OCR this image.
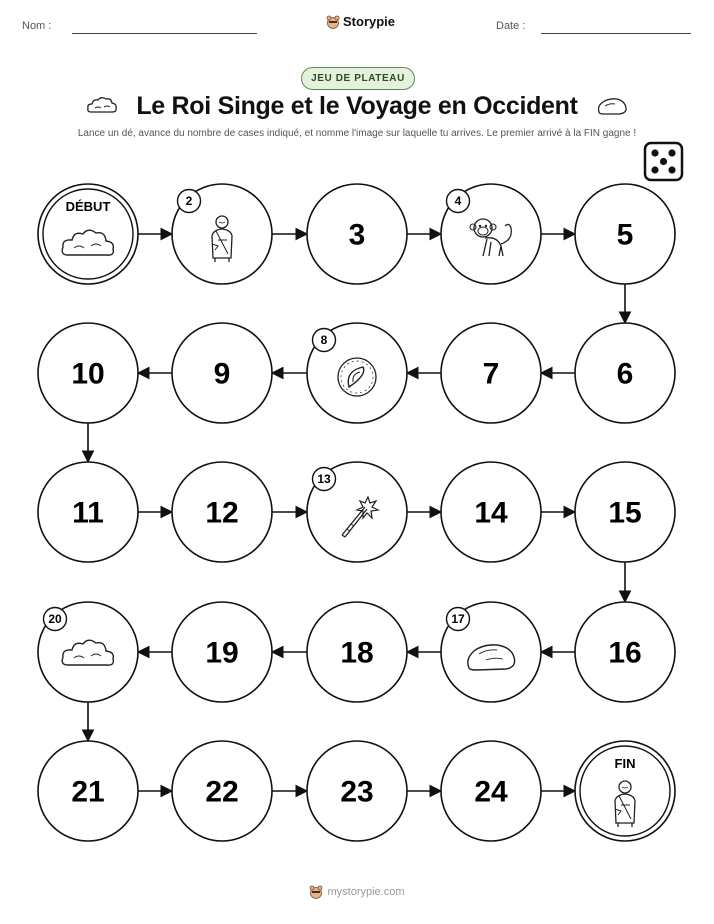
Nom :	Storypie	Date :
JEU DE PLATEAU
Le Roi Singe et le Voyage en Occident
Lance un dé, avance du nombre de cases indiqué, et nomme l'image sur laquelle tu arrives. Le premier arrivé à la FIN gagne !
DÉBUT	2
3
4
5
6
7
8
9
10
11	12
13
14	15
16
17
18
19
20
21	22	23	24
FIN
mystorypie.com
